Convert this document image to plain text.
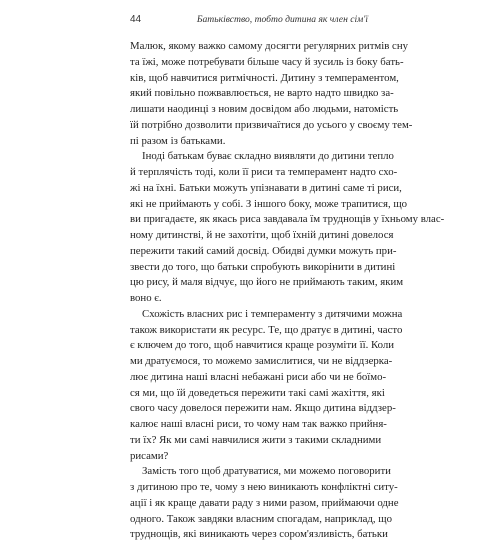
44	Батьківство, тобто дитина як член сім'ї
Малюк, якому важко самому досягти регулярних ритмів сну
та їжі, може потребувати більше часу й зусиль із боку бать-
ків, щоб навчитися ритмічності. Дитину з темпераментом,
який повільно пожвавлюється, не варто надто швидко за-
лишати наодинці з новим досвідом або людьми, натомість
їй потрібно дозволити призвичаїтися до усього у своєму тем-
пі разом із батьками.
Іноді батькам буває складно виявляти до дитини тепло
й терплячість тоді, коли її риси та темперамент надто схо-
жі на їхні. Батьки можуть упізнавати в дитині саме ті риси,
які не приймають у собі. З іншого боку, може трапитися, що
ви пригадаєте, як якась риса завдавала їм труднощів у їхньому влас-
ному дитинстві, й не захотіти, щоб їхній дитині довелося
пережити такий самий досвід. Обидві думки можуть при-
звести до того, що батьки спробують викорінити в дитині
цю рису, й маля відчує, що його не приймають таким, яким
воно є.
Схожість власних рис і темпераменту з дитячими можна
також використати як ресурс. Те, що дратує в дитині, часто
є ключем до того, щоб навчитися краще розуміти її. Коли
ми дратуємося, то можемо замислитися, чи не віддзерка-
лює дитина наші власні небажані риси або чи не боїмо-
ся ми, що їй доведеться пережити такі самі жахіття, які
свого часу довелося пережити нам. Якщо дитина віддзер-
калює наші власні риси, то чому нам так важко прийня-
ти їх? Як ми самі навчилися жити з такими складними
рисами?
Замість того щоб дратуватися, ми можемо поговорити
з дитиною про те, чому з нею виникають конфліктні ситу-
ації і як краще давати раду з ними разом, приймаючи одне
одного. Також завдяки власним спогадам, наприклад, що
труднощів, які виникають через сором'язливість, батьки
